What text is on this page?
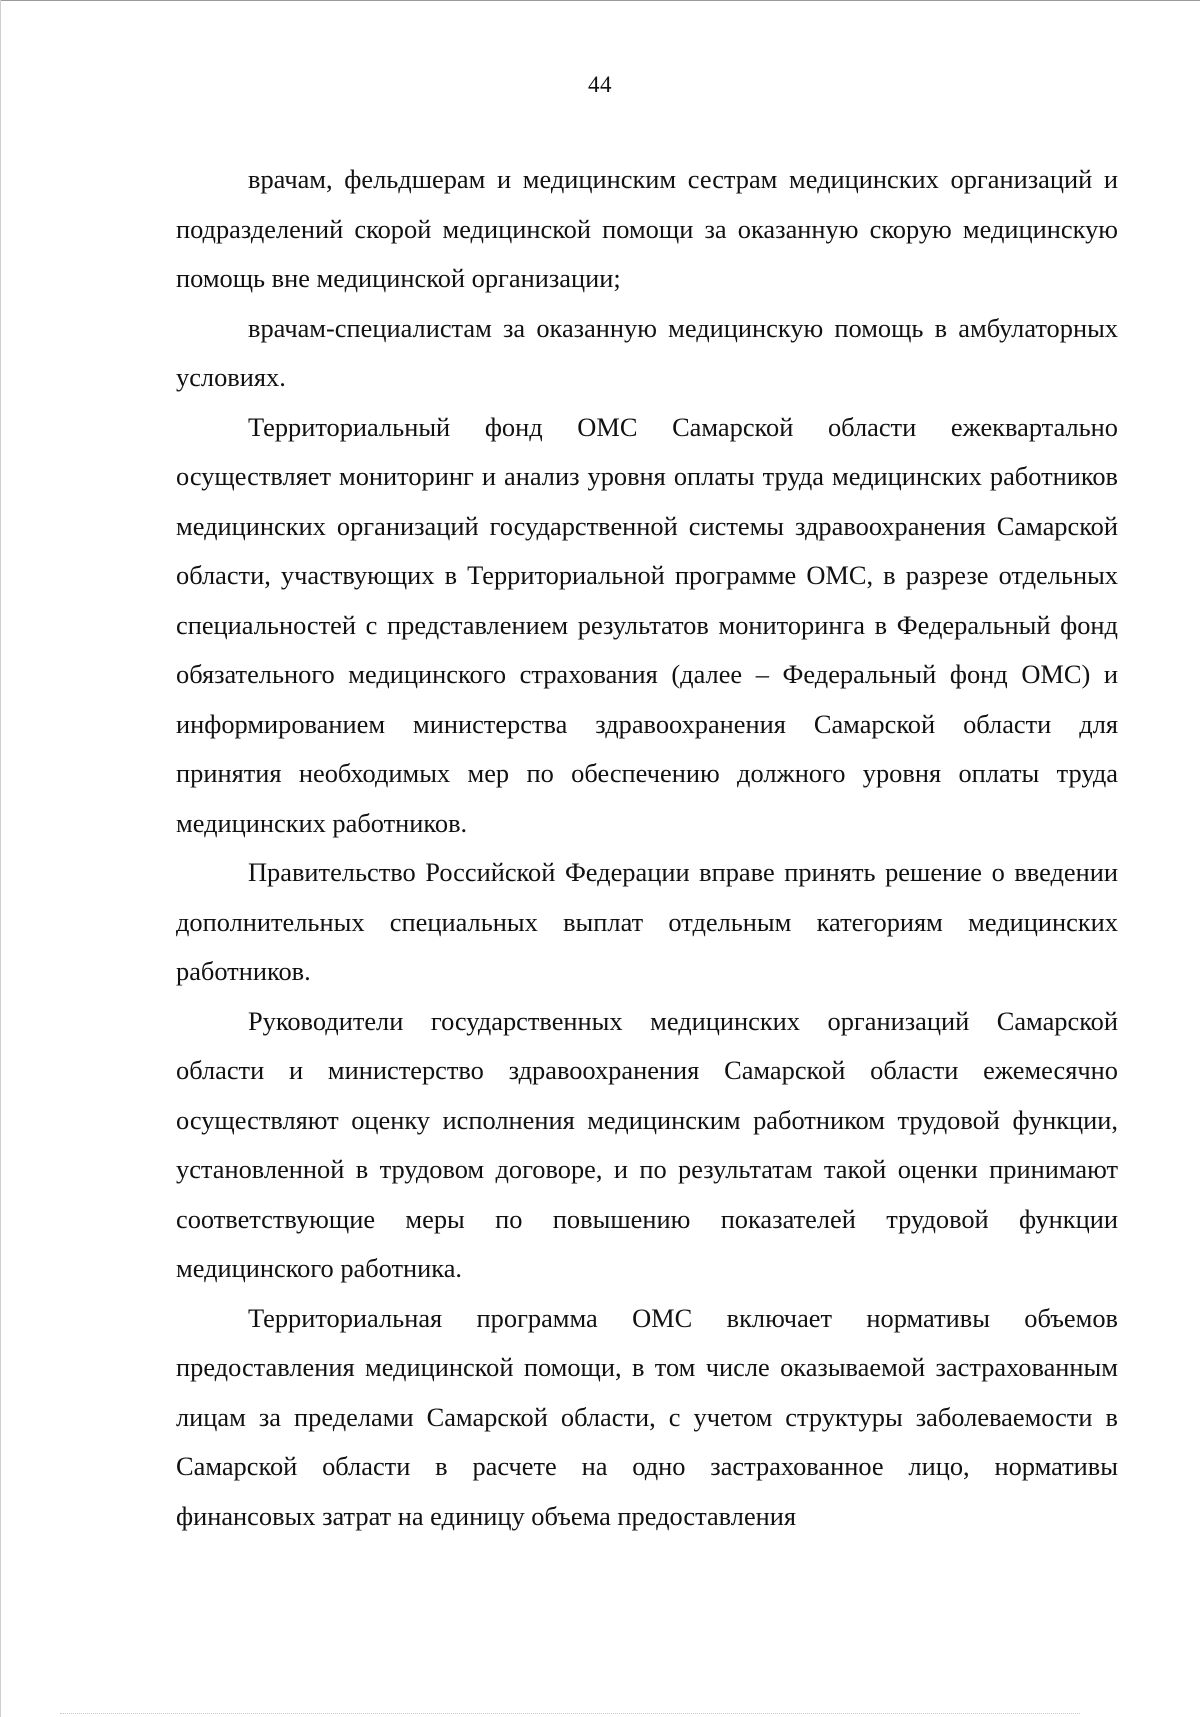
44

врачам, фельдшерам и медицинским сестрам медицинских организаций и подразделений скорой медицинской помощи за оказанную скорую медицинскую помощь вне медицинской организации;

врачам-специалистам за оказанную медицинскую помощь в амбулаторных условиях.

Территориальный фонд ОМС Самарской области ежеквартально осуществляет мониторинг и анализ уровня оплаты труда медицинских работников медицинских организаций государственной системы здравоохранения Самарской области, участвующих в Территориальной программе ОМС, в разрезе отдельных специальностей с представлением результатов мониторинга в Федеральный фонд обязательного медицинского страхования (далее – Федеральный фонд ОМС) и информированием министерства здравоохранения Самарской области для принятия необходимых мер по обеспечению должного уровня оплаты труда медицинских работников.

Правительство Российской Федерации вправе принять решение о введении дополнительных специальных выплат отдельным категориям медицинских работников.

Руководители государственных медицинских организаций Самарской области и министерство здравоохранения Самарской области ежемесячно осуществляют оценку исполнения медицинским работником трудовой функции, установленной в трудовом договоре, и по результатам такой оценки принимают соответствующие меры по повышению показателей трудовой функции медицинского работника.

Территориальная программа ОМС включает нормативы объемов предоставления медицинской помощи, в том числе оказываемой застрахованным лицам за пределами Самарской области, с учетом структуры заболеваемости в Самарской области в расчете на одно застрахованное лицо, нормативы финансовых затрат на единицу объема предоставления
